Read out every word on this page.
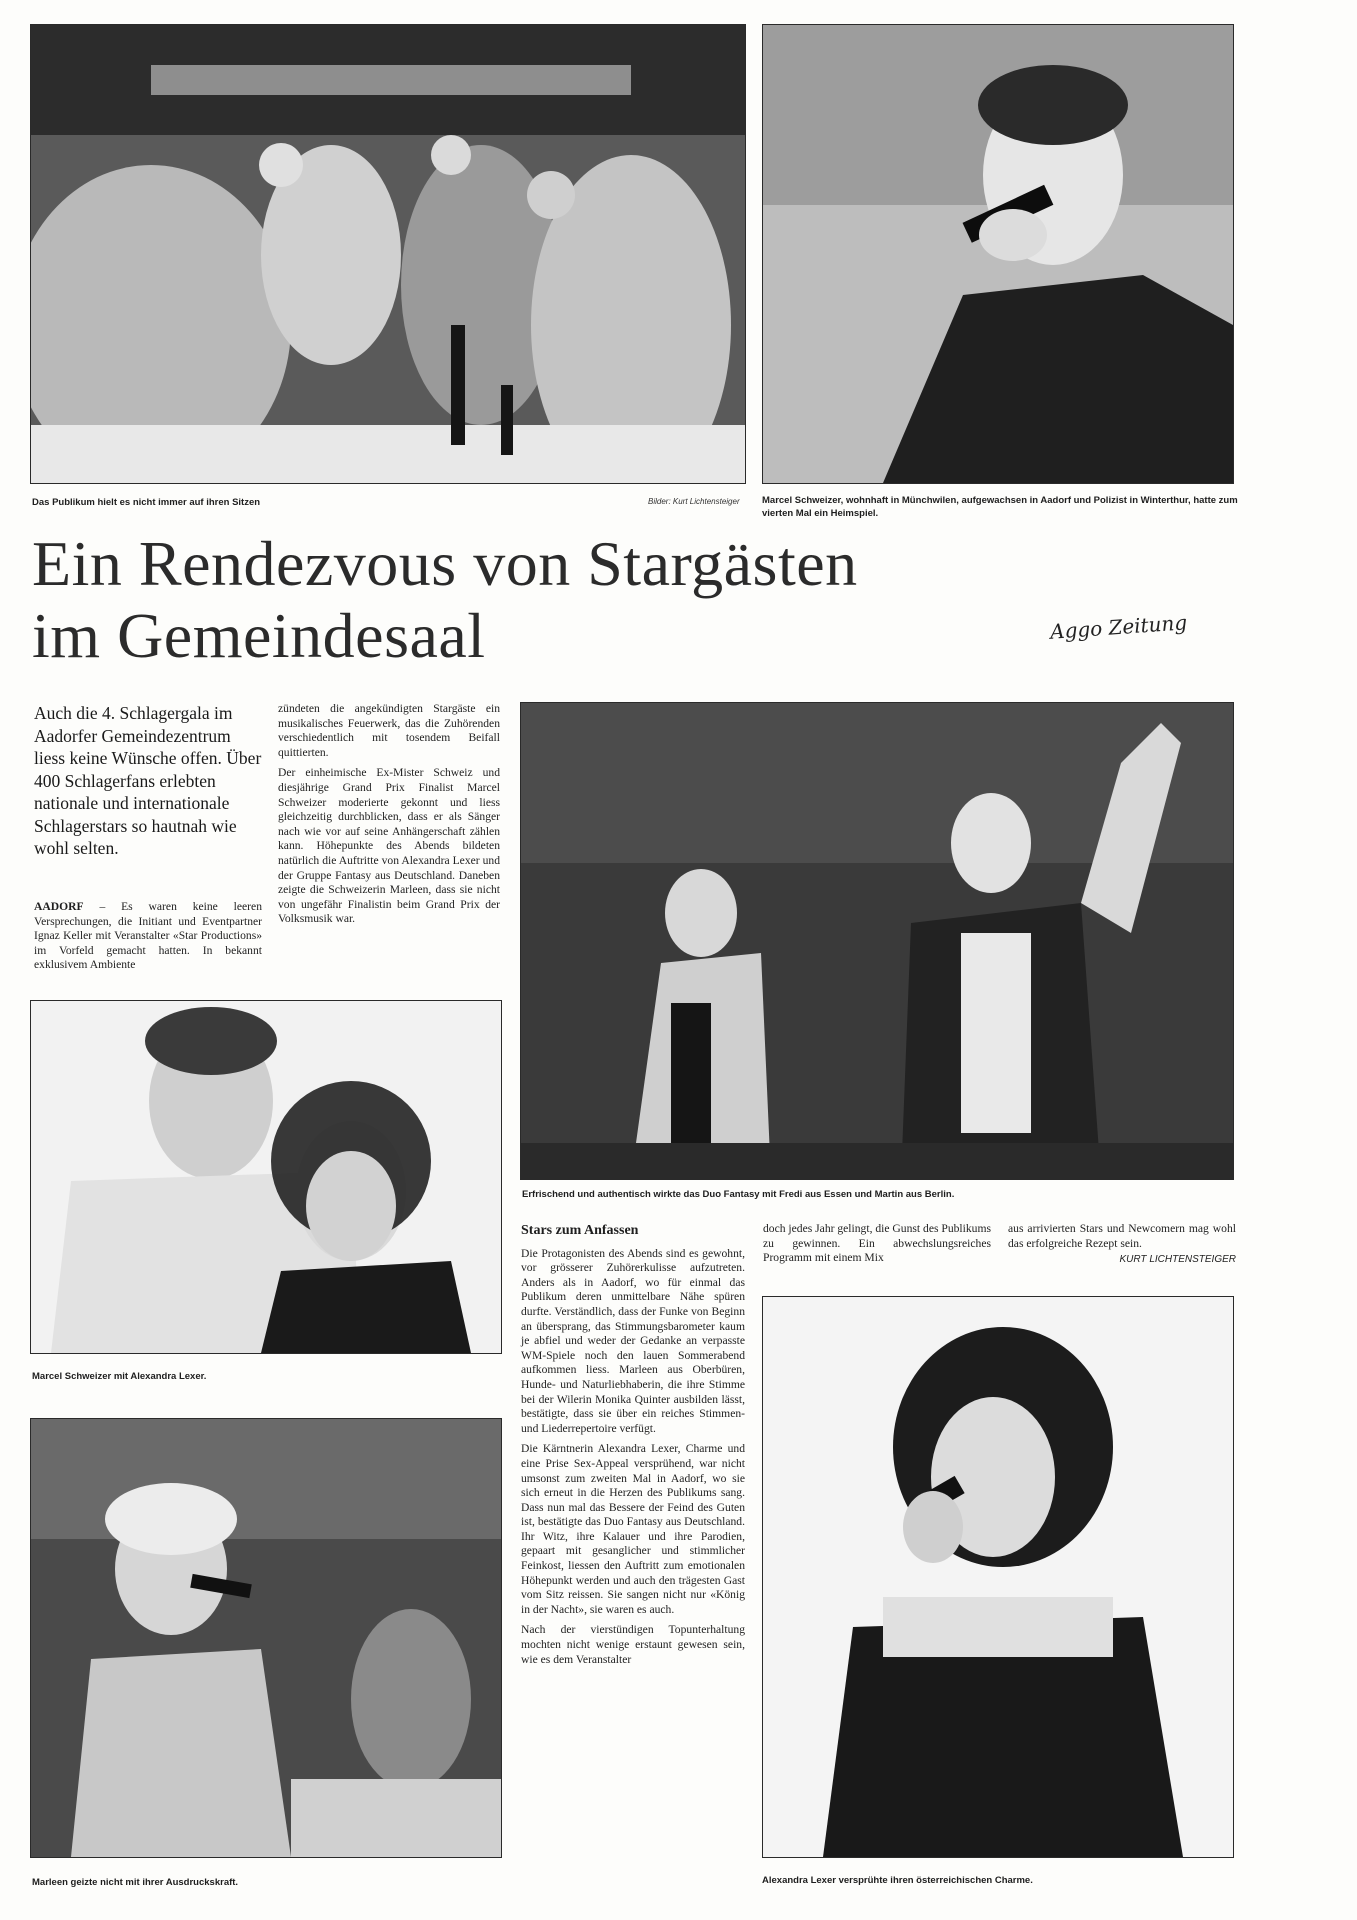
Das Publikum hielt es nicht immer auf ihren Sitzen	Bilder: Kurt Lichtensteiger	Marcel Schweizer, wohnhaft in Münchwilen, aufgewachsen in Aadorf und Polizist in Winterthur, hatte zum vierten Mal ein Heimspiel.
Ein Rendezvous von Stargästen
im Gemeindesaal	Aggo Zeitung

Auch die 4. Schlagergala im Aadorfer Gemeindezentrum liess keine Wünsche offen. Über 400 Schlagerfans erlebten nationale und internationale Schlagerstars so hautnah wie wohl selten.

AADORF – Es waren keine leeren Versprechungen, die Initiant und Eventpartner Ignaz Keller mit Veranstalter «Star Productions» im Vorfeld gemacht hatten. In bekannt exklusivem Ambiente

zündeten die angekündigten Stargäste ein musikalisches Feuerwerk, das die Zuhörenden verschiedentlich mit tosendem Beifall quittierten.

Der einheimische Ex-Mister Schweiz und diesjährige Grand Prix Finalist Marcel Schweizer moderierte gekonnt und liess gleichzeitig durchblicken, dass er als Sänger nach wie vor auf seine Anhängerschaft zählen kann. Höhepunkte des Abends bildeten natürlich die Auftritte von Alexandra Lexer und der Gruppe Fantasy aus Deutschland. Daneben zeigte die Schweizerin Marleen, dass sie nicht von ungefähr Finalistin beim Grand Prix der Volksmusik war.

Erfrischend und authentisch wirkte das Duo Fantasy mit Fredi aus Essen und Martin aus Berlin.
Marcel Schweizer mit Alexandra Lexer.
Marleen geizte nicht mit ihrer Ausdruckskraft.
Stars zum Anfassen

Die Protagonisten des Abends sind es gewohnt, vor grösserer Zuhörerkulisse aufzutreten. Anders als in Aadorf, wo für einmal das Publikum deren unmittelbare Nähe spüren durfte. Verständlich, dass der Funke von Beginn an übersprang, das Stimmungsbarometer kaum je abfiel und weder der Gedanke an verpasste WM-Spiele noch den lauen Sommerabend aufkommen liess. Marleen aus Oberbüren, Hunde- und Naturliebhaberin, die ihre Stimme bei der Wilerin Monika Quinter ausbilden lässt, bestätigte, dass sie über ein reiches Stimmen- und Liederrepertoire verfügt.

Die Kärntnerin Alexandra Lexer, Charme und eine Prise Sex-Appeal versprühend, war nicht umsonst zum zweiten Mal in Aadorf, wo sie sich erneut in die Herzen des Publikums sang. Dass nun mal das Bessere der Feind des Guten ist, bestätigte das Duo Fantasy aus Deutschland. Ihr Witz, ihre Kalauer und ihre Parodien, gepaart mit gesanglicher und stimmlicher Feinkost, liessen den Auftritt zum emotionalen Höhepunkt werden und auch den trägesten Gast vom Sitz reissen. Sie sangen nicht nur «König in der Nacht», sie waren es auch.

Nach der vierstündigen Topunterhaltung mochten nicht wenige erstaunt gewesen sein, wie es dem Veranstalter

doch jedes Jahr gelingt, die Gunst des Publikums zu gewinnen. Ein abwechslungsreiches Programm mit einem Mix

aus arrivierten Stars und Newcomern mag wohl das erfolgreiche Rezept sein.

KURT LICHTENSTEIGER
Alexandra Lexer versprühte ihren österreichischen Charme.
